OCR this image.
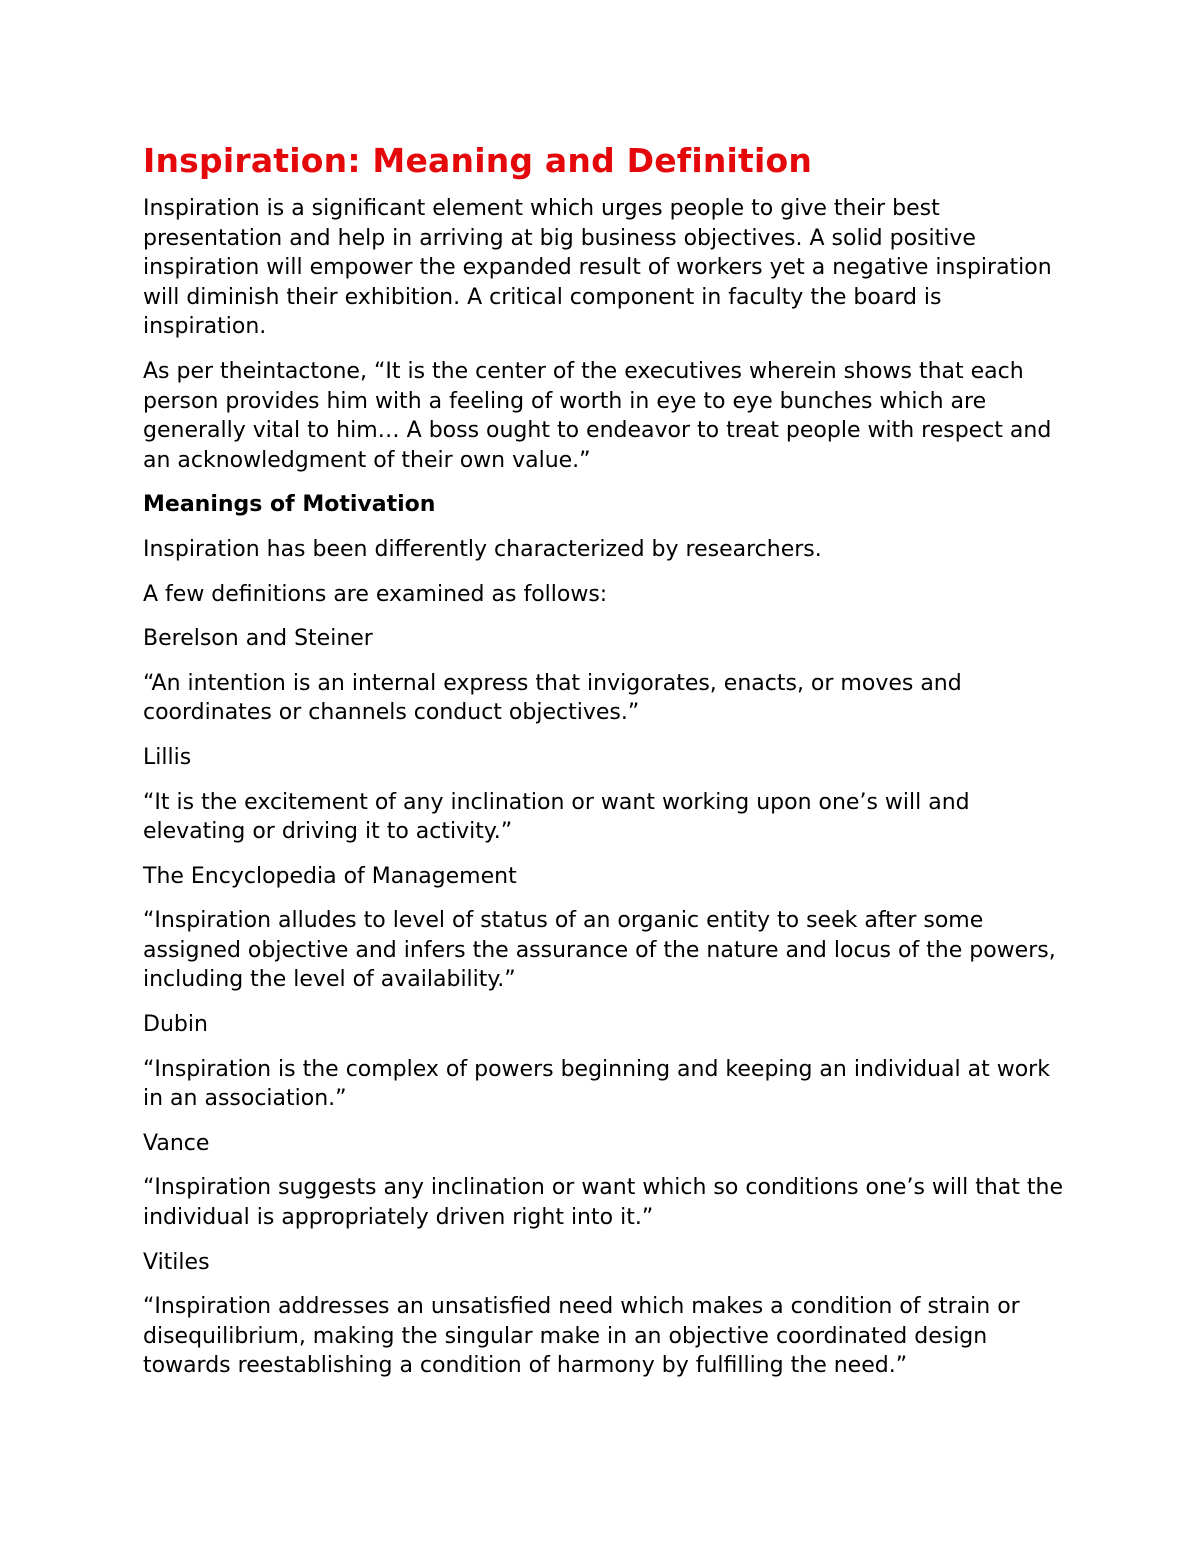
Inspiration: Meaning and Definition

Inspiration is a significant element which urges people to give their best presentation and help in arriving at big business objectives. A solid positive inspiration will empower the expanded result of workers yet a negative inspiration will diminish their exhibition. A critical component in faculty the board is inspiration.

As per theintactone, “It is the center of the executives wherein shows that each person provides him with a feeling of worth in eye to eye bunches which are generally vital to him… A boss ought to endeavor to treat people with respect and an acknowledgment of their own value.”

Meanings of Motivation

Inspiration has been differently characterized by researchers.

A few definitions are examined as follows:

Berelson and Steiner

“An intention is an internal express that invigorates, enacts, or moves and coordinates or channels conduct objectives.”

Lillis

“It is the excitement of any inclination or want working upon one’s will and elevating or driving it to activity.”

The Encyclopedia of Management

“Inspiration alludes to level of status of an organic entity to seek after some assigned objective and infers the assurance of the nature and locus of the powers, including the level of availability.”

Dubin

“Inspiration is the complex of powers beginning and keeping an individual at work in an association.”

Vance

“Inspiration suggests any inclination or want which so conditions one’s will that the individual is appropriately driven right into it.”

Vitiles

“Inspiration addresses an unsatisfied need which makes a condition of strain or disequilibrium, making the singular make in an objective coordinated design towards reestablishing a condition of harmony by fulfilling the need.”
